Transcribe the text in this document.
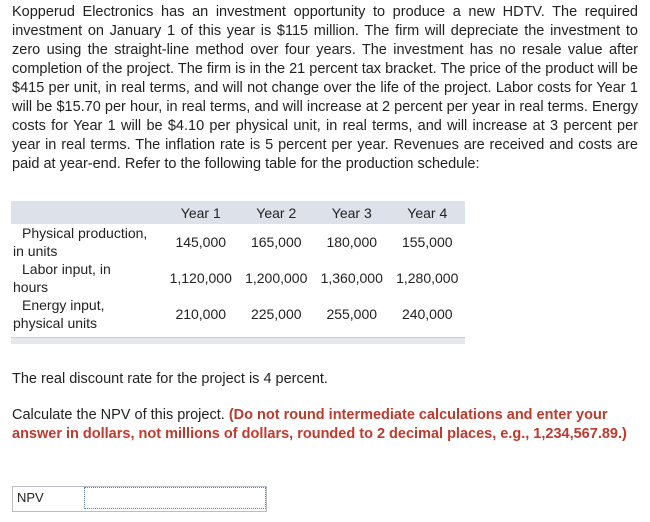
Kopperud Electronics has an investment opportunity to produce a new HDTV. The required investment on January 1 of this year is $115 million. The firm will depreciate the investment to zero using the straight-line method over four years. The investment has no resale value after completion of the project. The firm is in the 21 percent tax bracket. The price of the product will be $415 per unit, in real terms, and will not change over the life of the project. Labor costs for Year 1 will be $15.70 per hour, in real terms, and will increase at 2 percent per year in real terms. Energy costs for Year 1 will be $4.10 per physical unit, in real terms, and will increase at 3 percent per year in real terms. The inflation rate is 5 percent per year. Revenues are received and costs are paid at year-end. Refer to the following table for the production schedule:

	Year 1	Year 2	Year 3	Year 4

Physical production,
in units	145,000	165,000	180,000	155,000

Labor input, in
hours	1,120,000	1,200,000	1,360,000	1,280,000

Energy input,
physical units	210,000	225,000	255,000	240,000

The real discount rate for the project is 4 percent.

Calculate the NPV of this project. (Do not round intermediate calculations and enter your answer in dollars, not millions of dollars, rounded to 2 decimal places, e.g., 1,234,567.89.)

NPV
